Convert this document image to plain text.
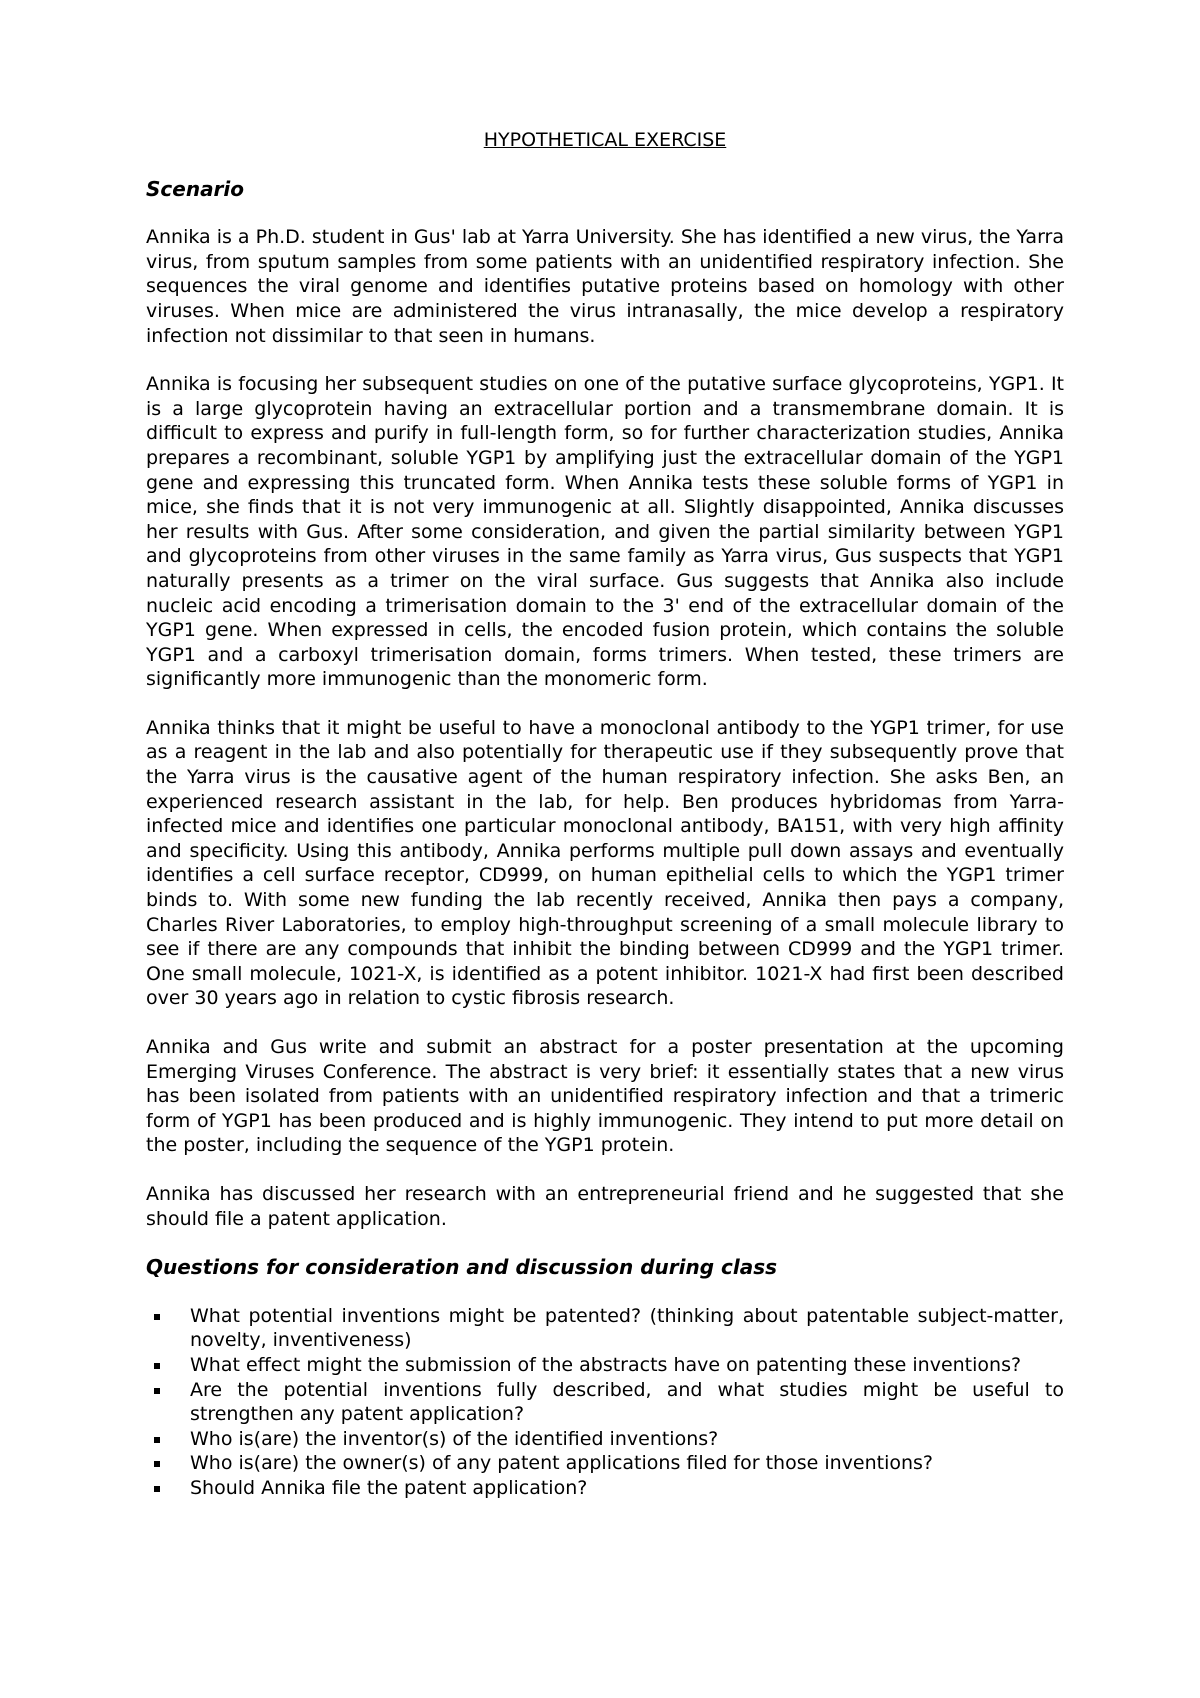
HYPOTHETICAL EXERCISE
Scenario

Annika is a Ph.D. student in Gus' lab at Yarra University. She has identified a new virus, the Yarra virus, from sputum samples from some patients with an unidentified respiratory infection. She sequences the viral genome and identifies putative proteins based on homology with other viruses. When mice are administered the virus intranasally, the mice develop a respiratory infection not dissimilar to that seen in humans.

Annika is focusing her subsequent studies on one of the putative surface glycoproteins, YGP1. It is a large glycoprotein having an extracellular portion and a transmembrane domain. It is difficult to express and purify in full-length form, so for further characterization studies, Annika prepares a recombinant, soluble YGP1 by amplifying just the extracellular domain of the YGP1 gene and expressing this truncated form. When Annika tests these soluble forms of YGP1 in mice, she finds that it is not very immunogenic at all. Slightly disappointed, Annika discusses her results with Gus. After some consideration, and given the partial similarity between YGP1 and glycoproteins from other viruses in the same family as Yarra virus, Gus suspects that YGP1 naturally presents as a trimer on the viral surface. Gus suggests that Annika also include nucleic acid encoding a trimerisation domain to the 3' end of the extracellular domain of the YGP1 gene. When expressed in cells, the encoded fusion protein, which contains the soluble YGP1 and a carboxyl trimerisation domain, forms trimers. When tested, these trimers are significantly more immunogenic than the monomeric form.

Annika thinks that it might be useful to have a monoclonal antibody to the YGP1 trimer, for use as a reagent in the lab and also potentially for therapeutic use if they subsequently prove that the Yarra virus is the causative agent of the human respiratory infection. She asks Ben, an experienced research assistant in the lab, for help. Ben produces hybridomas from Yarra-infected mice and identifies one particular monoclonal antibody, BA151, with very high affinity and specificity. Using this antibody, Annika performs multiple pull down assays and eventually identifies a cell surface receptor, CD999, on human epithelial cells to which the YGP1 trimer binds to. With some new funding the lab recently received, Annika then pays a company, Charles River Laboratories, to employ high-throughput screening of a small molecule library to see if there are any compounds that inhibit the binding between CD999 and the YGP1 trimer. One small molecule, 1021-X, is identified as a potent inhibitor. 1021-X had first been described over 30 years ago in relation to cystic fibrosis research.

Annika and Gus write and submit an abstract for a poster presentation at the upcoming Emerging Viruses Conference. The abstract is very brief: it essentially states that a new virus has been isolated from patients with an unidentified respiratory infection and that a trimeric form of YGP1 has been produced and is highly immunogenic. They intend to put more detail on the poster, including the sequence of the YGP1 protein.

Annika has discussed her research with an entrepreneurial friend and he suggested that she should file a patent application.

Questions for consideration and discussion during class
What potential inventions might be patented? (thinking about patentable subject-matter, novelty, inventiveness)
What effect might the submission of the abstracts have on patenting these inventions?
Are the potential inventions fully described, and what studies might be useful to strengthen any patent application?
Who is(are) the inventor(s) of the identified inventions?
Who is(are) the owner(s) of any patent applications filed for those inventions?
Should Annika file the patent application?
